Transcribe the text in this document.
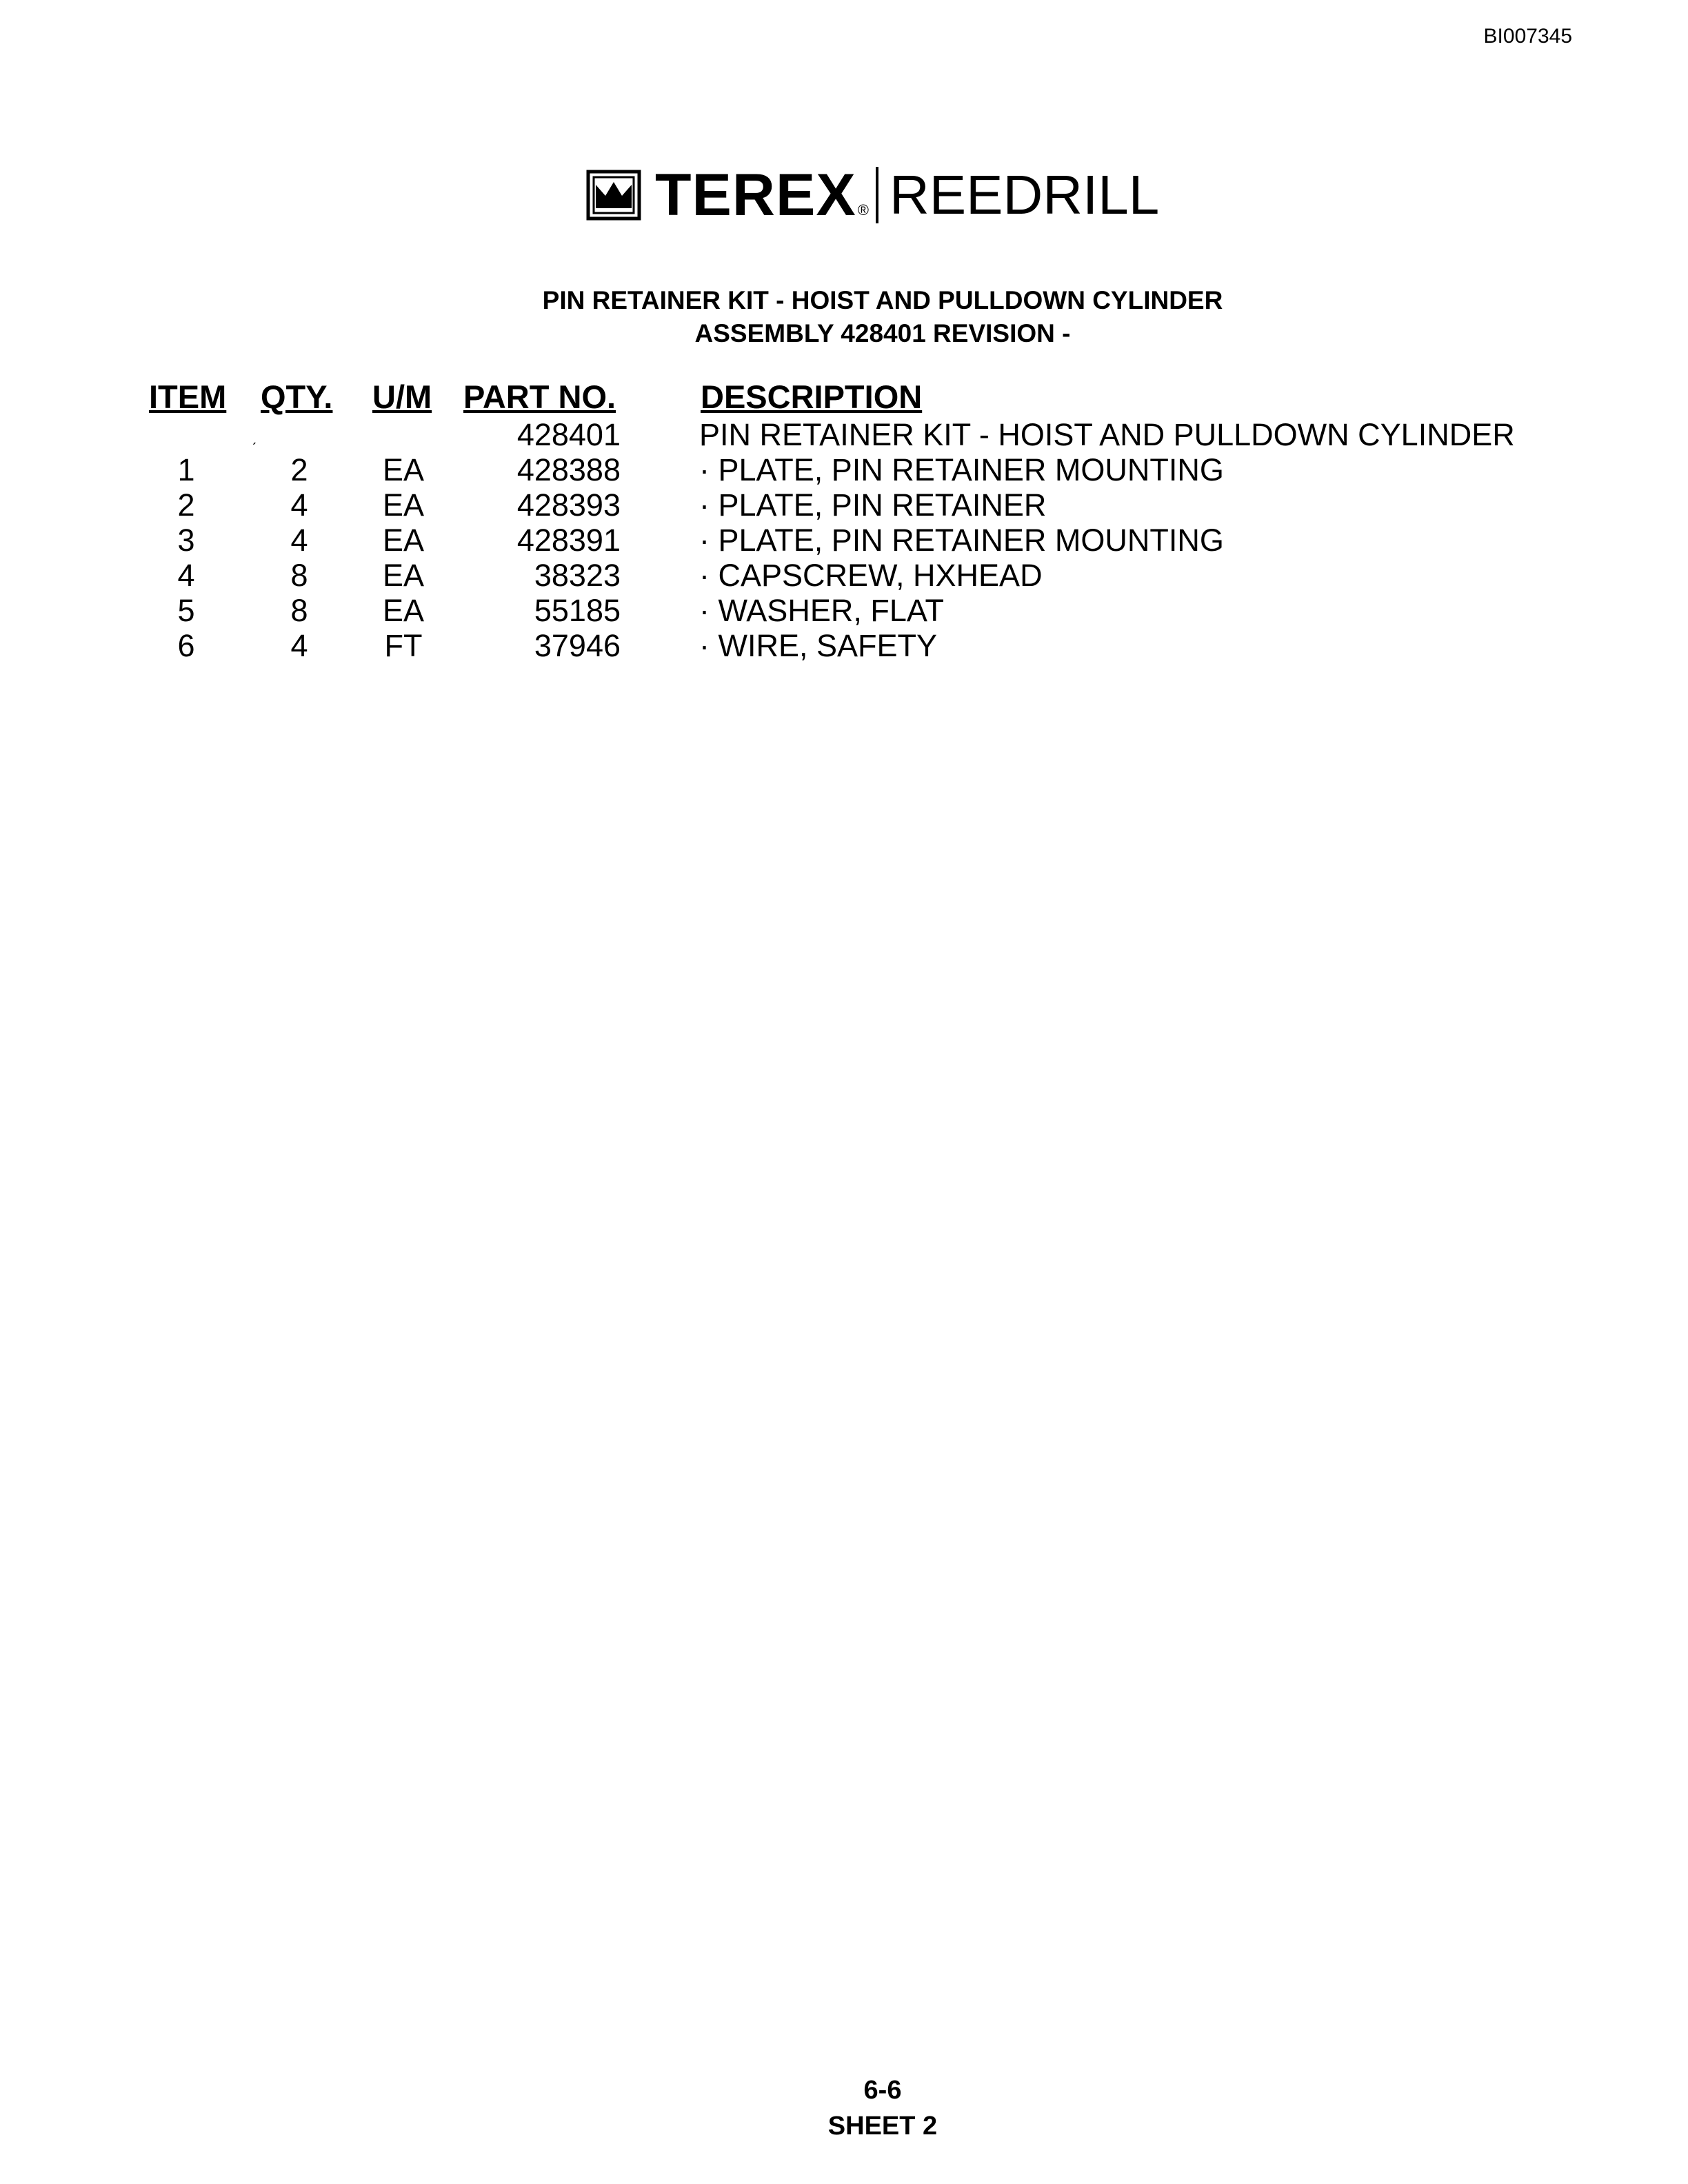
BI007345
TEREX ® REEDRILL
PIN RETAINER KIT - HOIST AND PULLDOWN CYLINDER
ASSEMBLY 428401 REVISION -
ITEM QTY. U/M PART NO.	DESCRIPTION
ˊ	428401	PIN RETAINER KIT - HOIST AND PULLDOWN CYLINDER
1	2 EA	428388	· PLATE, PIN RETAINER MOUNTING
2	4 EA	428393	· PLATE, PIN RETAINER
3	4 EA	428391	· PLATE, PIN RETAINER MOUNTING
4	8 EA	38323	· CAPSCREW, HXHEAD
5	8 EA	55185	· WASHER, FLAT
6	4 FT	37946	· WIRE, SAFETY
6-6
SHEET 2
